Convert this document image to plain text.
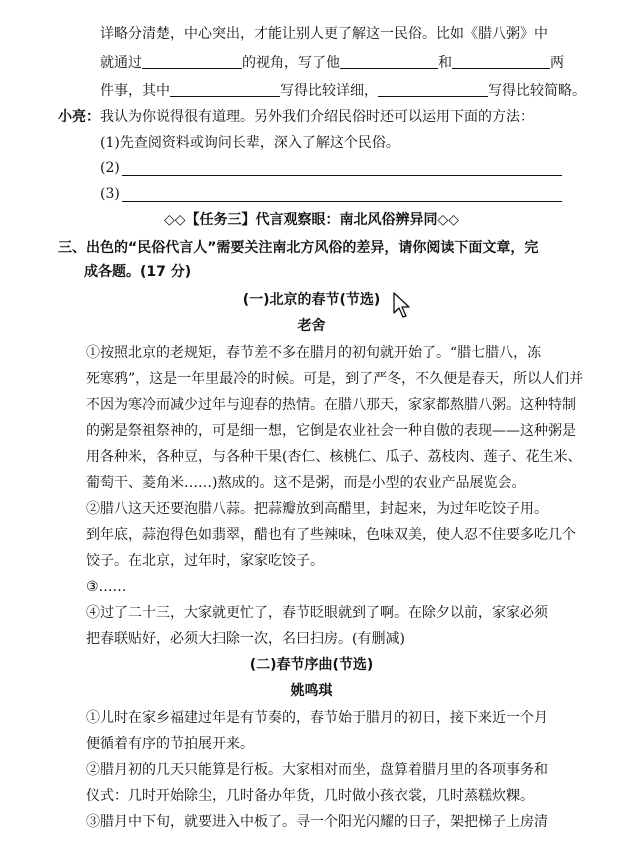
详略分清楚，中心突出，才能让别人更了解这一民俗。比如《腊八粥》中
就通过	的视角，写了他	和	两
件事，其中	写得比较详细，	写得比较简略。
小亮：我认为你说得很有道理。另外我们介绍民俗时还可以运用下面的方法：
(1)先查阅资料或询问长辈，深入了解这个民俗。
(2)
(3)
◇◇【任务三】代言观察眼：南北风俗辨异同◇◇
三、出色的“民俗代言人”需要关注南北方风俗的差异，请你阅读下面文章，完
成各题。(17 分)
(一)北京的春节(节选)
老舍
①按照北京的老规矩，春节差不多在腊月的初旬就开始了。“腊七腊八，冻
死寒鸦”，这是一年里最冷的时候。可是，到了严冬，不久便是春天，所以人们并
不因为寒冷而减少过年与迎春的热情。在腊八那天，家家都熬腊八粥。这种特制
的粥是祭祖祭神的，可是细一想，它倒是农业社会一种自傲的表现——这种粥是
用各种米，各种豆，与各种干果(杏仁、核桃仁、瓜子、荔枝肉、莲子、花生米、
葡萄干、菱角米……)熬成的。这不是粥，而是小型的农业产品展览会。
②腊八这天还要泡腊八蒜。把蒜瓣放到高醋里，封起来，为过年吃饺子用。
到年底，蒜泡得色如翡翠，醋也有了些辣味，色味双美，使人忍不住要多吃几个
饺子。在北京，过年时，家家吃饺子。
③……
④过了二十三，大家就更忙了，春节眨眼就到了啊。在除夕以前，家家必须
把春联贴好，必须大扫除一次，名曰扫房。(有删减)
(二)春节序曲(节选)
姚鸣琪
①儿时在家乡福建过年是有节奏的，春节始于腊月的初日，接下来近一个月
便循着有序的节拍展开来。
②腊月初的几天只能算是行板。大家相对而坐，盘算着腊月里的各项事务和
仪式：几时开始除尘，几时备办年货，几时做小孩衣裳，几时蒸糕炊粿。
③腊月中下旬，就要进入中板了。寻一个阳光闪耀的日子，架把梯子上房清
